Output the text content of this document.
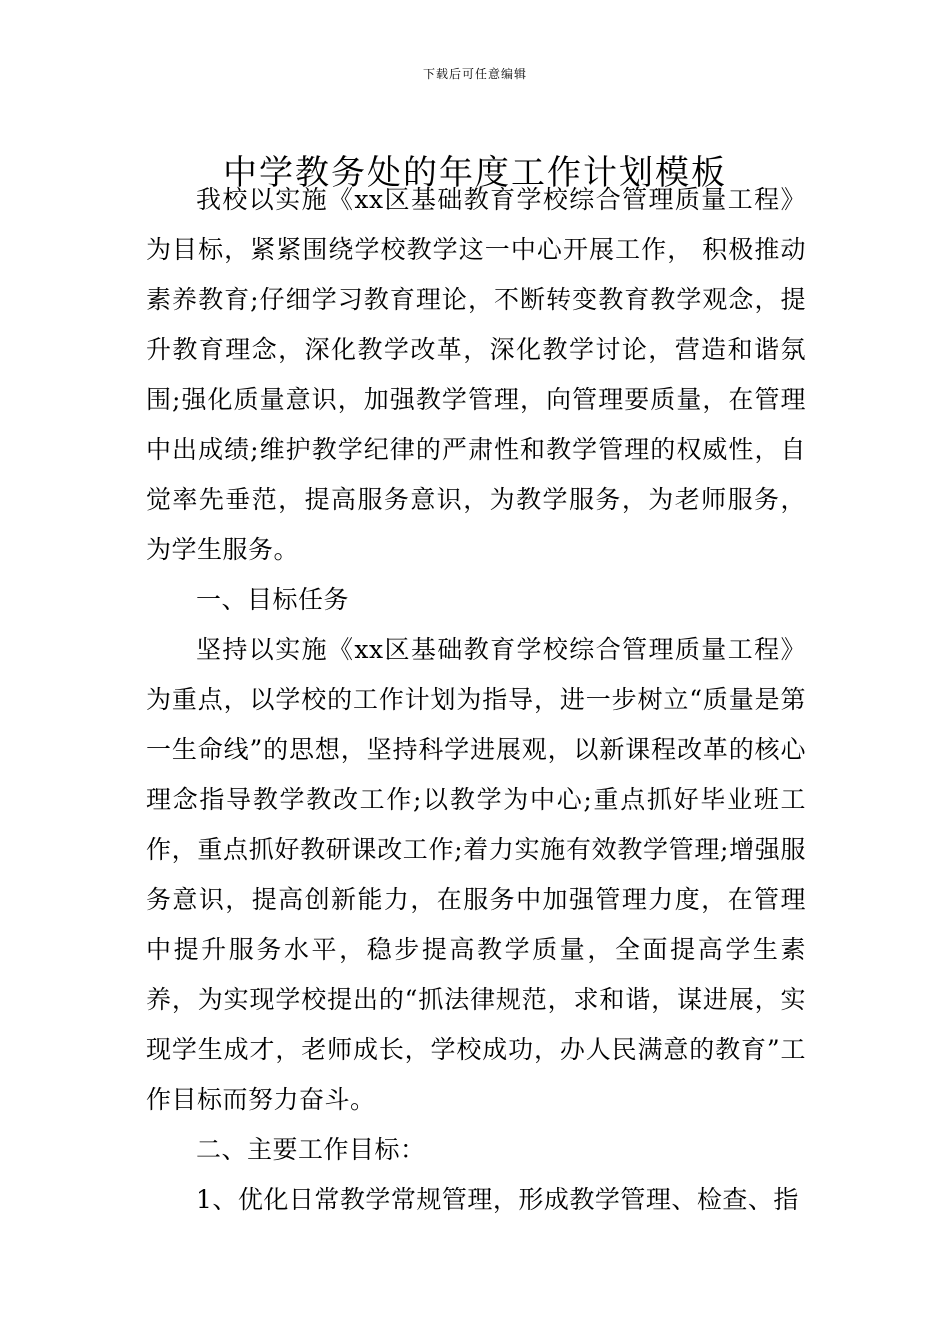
下载后可任意编辑
中学教务处的年度工作计划模板

我校以实施《xx区基础教育学校综合管理质量工程》为目标，紧紧围绕学校教学这一中心开展工作， 积极推动素养教育;仔细学习教育理论，不断转变教育教学观念，提升教育理念，深化教学改革，深化教学讨论，营造和谐氛围;强化质量意识，加强教学管理，向管理要质量，在管理中出成绩;维护教学纪律的严肃性和教学管理的权威性，自觉率先垂范，提高服务意识，为教学服务，为老师服务，为学生服务。

一、目标任务

坚持以实施《xx区基础教育学校综合管理质量工程》为重点，以学校的工作计划为指导，进一步树立“质量是第一生命线”的思想，坚持科学进展观，以新课程改革的核心理念指导教学教改工作;以教学为中心;重点抓好毕业班工作，重点抓好教研课改工作;着力实施有效教学管理;增强服务意识，提高创新能力，在服务中加强管理力度，在管理中提升服务水平，稳步提高教学质量，全面提高学生素养，为实现学校提出的“抓法律规范，求和谐，谋进展，实现学生成才，老师成长，学校成功，办人民满意的教育”工作目标而努力奋斗。

二、主要工作目标：

1、优化日常教学常规管理，形成教学管理、检查、指
